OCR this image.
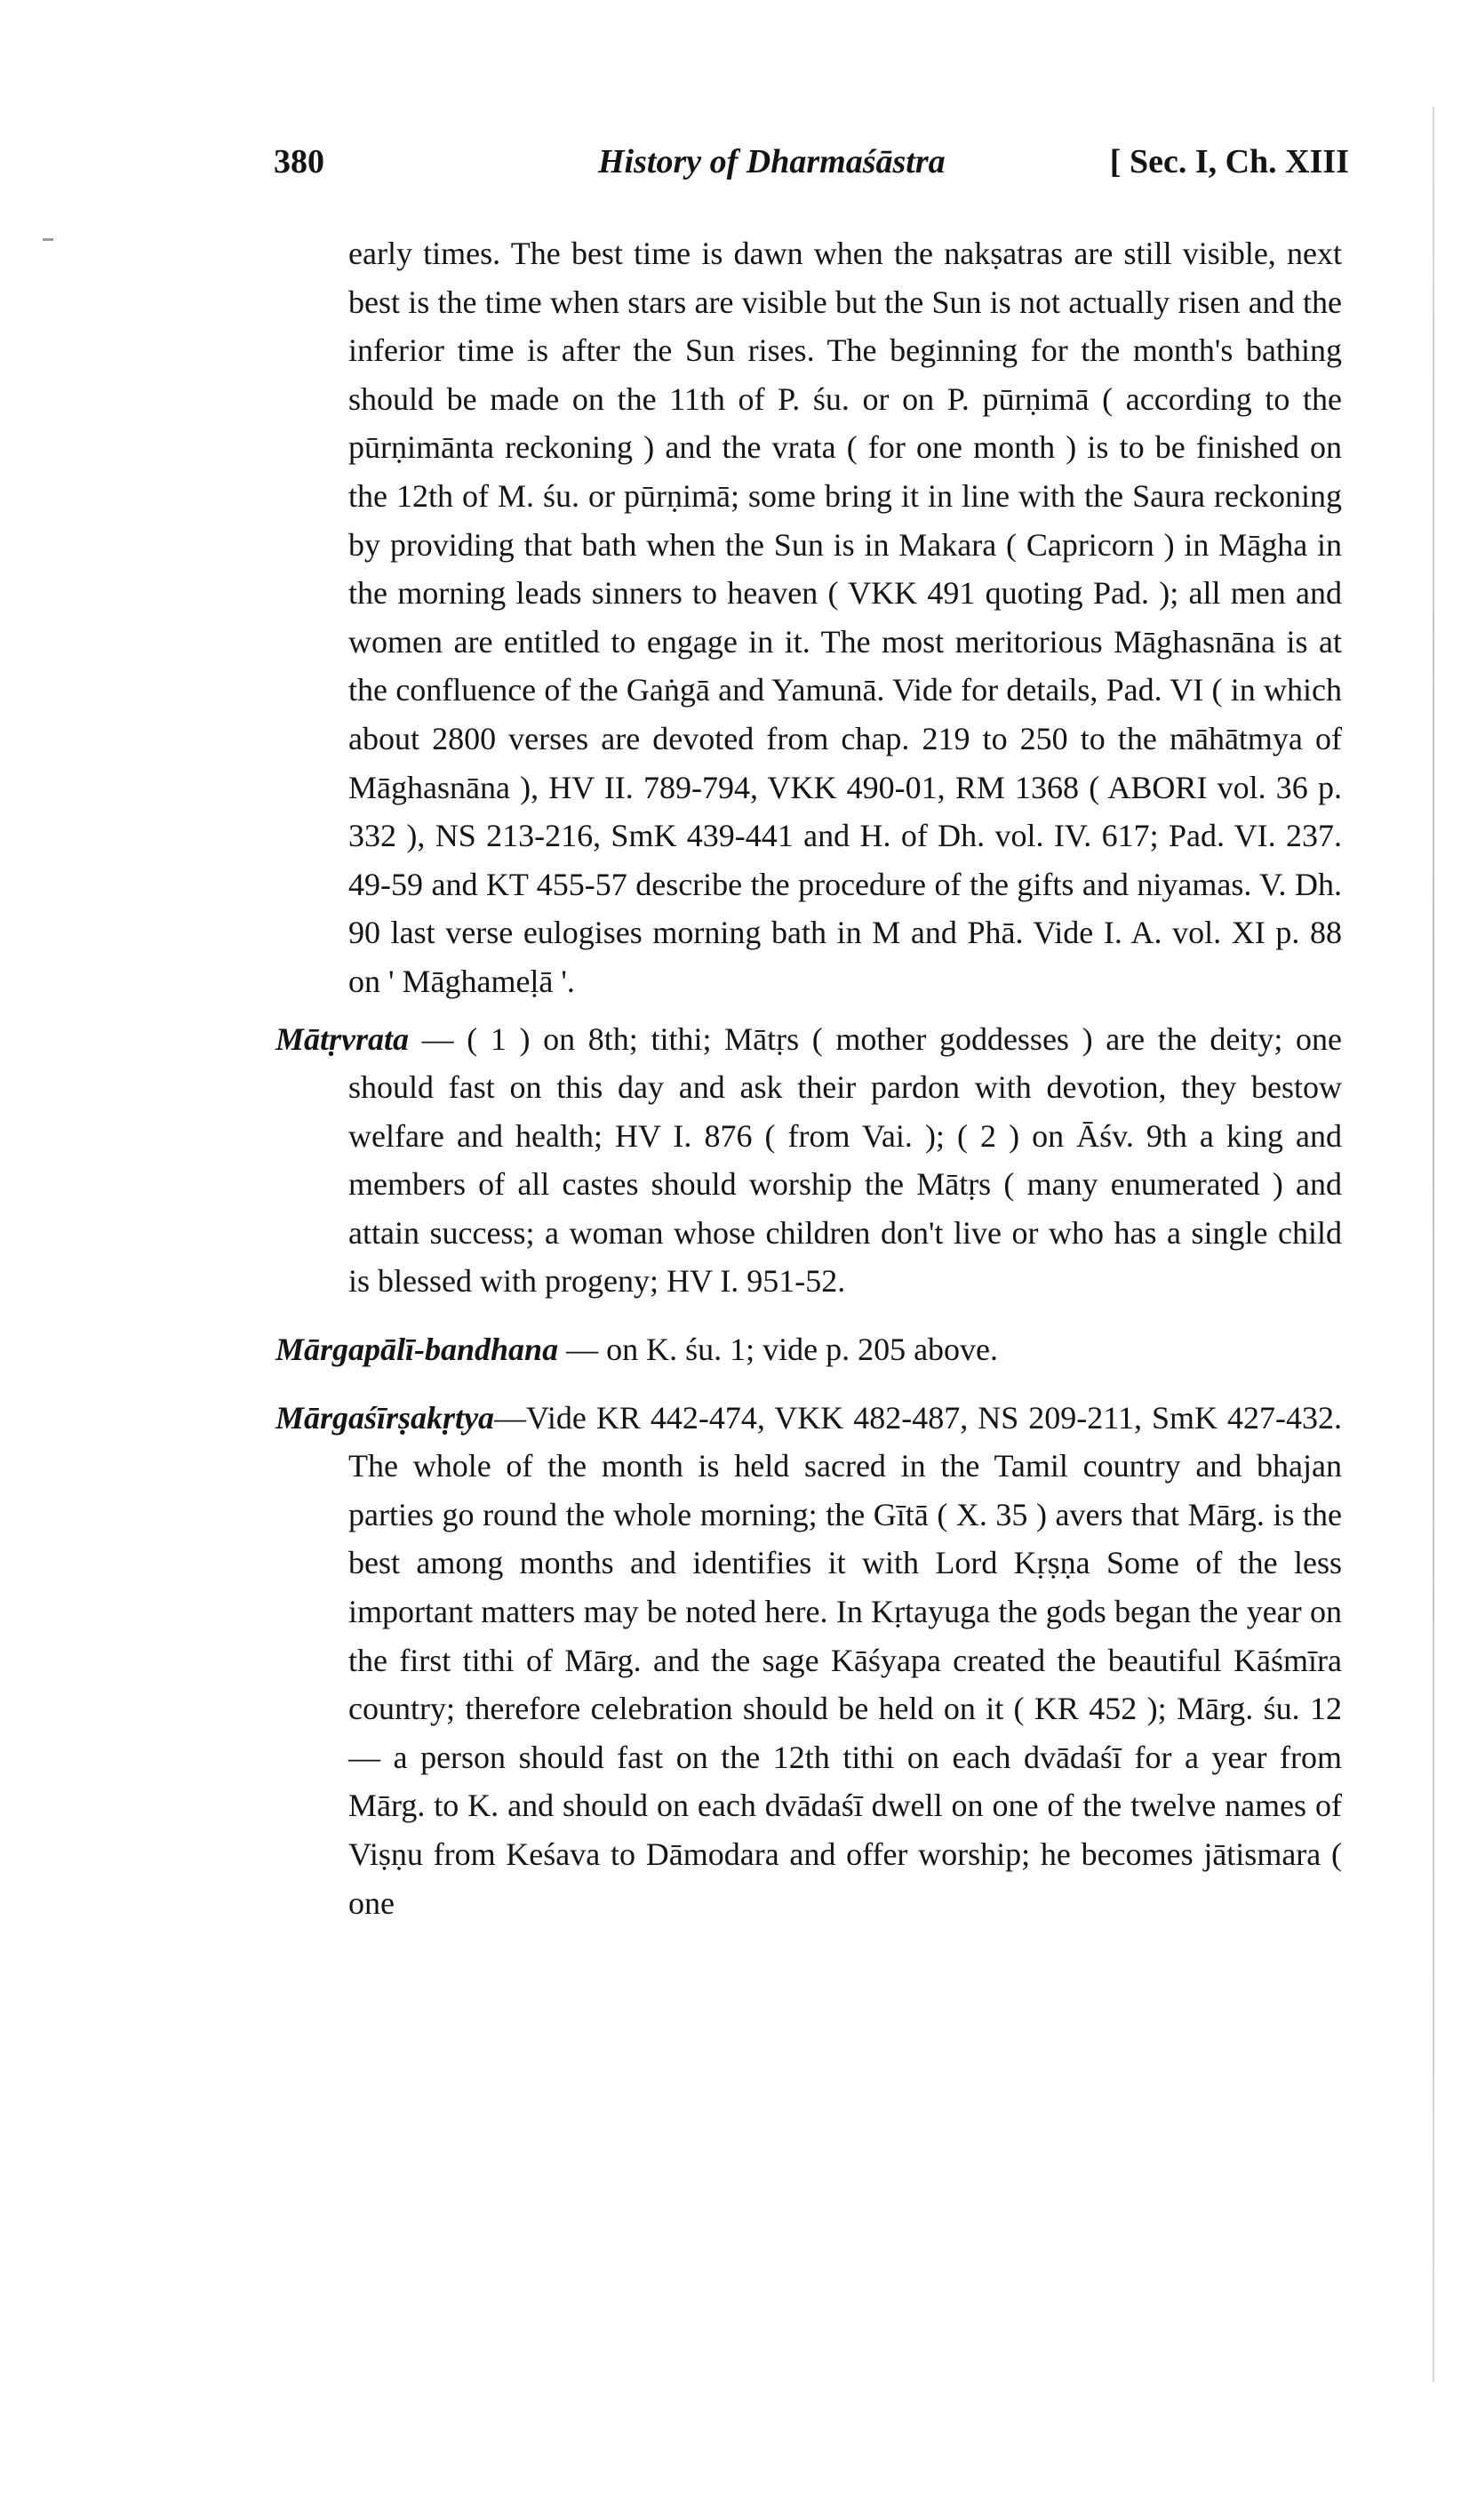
380	History of Dharmaśāstra	[ Sec. I, Ch. XIII

early times. The best time is dawn when the nakṣatras are still visible, next best is the time when stars are visible but the Sun is not actually risen and the inferior time is after the Sun rises. The beginning for the month's bathing should be made on the 11th of P. śu. or on P. pūrṇimā ( according to the pūrṇimānta reckoning ) and the vrata ( for one month ) is to be finished on the 12th of M. śu. or pūrṇimā; some bring it in line with the Saura reckoning by providing that bath when the Sun is in Makara ( Capricorn ) in Māgha in the morning leads sinners to heaven ( VKK 491 quoting Pad. ); all men and women are entitled to engage in it. The most meritorious Māghasnāna is at the confluence of the Gaṅgā and Yamunā. Vide for details, Pad. VI ( in which about 2800 verses are devoted from chap. 219 to 250 to the māhātmya of Māghasnāna ), HV II. 789-794, VKK 490-01, RM 1368 ( ABORI vol. 36 p. 332 ), NS 213-216, SmK 439-441 and H. of Dh. vol. IV. 617; Pad. VI. 237. 49-59 and KT 455-57 describe the procedure of the gifts and niyamas. V. Dh. 90 last verse eulogises morning bath in M and Phā. Vide I. A. vol. XI p. 88 on ' Māghameḷā '.

Mātṛvrata — ( 1 ) on 8th; tithi; Mātṛs ( mother goddesses ) are the deity; one should fast on this day and ask their pardon with devotion, they bestow welfare and health; HV I. 876 ( from Vai. ); ( 2 ) on Āśv. 9th a king and members of all castes should worship the Mātṛs ( many enumerated ) and attain success; a woman whose children don't live or who has a single child is blessed with progeny; HV I. 951-52.

Mārgapālī-bandhana — on K. śu. 1; vide p. 205 above.

Mārgaśīrṣakṛtya—Vide KR 442-474, VKK 482-487, NS 209-211, SmK 427-432. The whole of the month is held sacred in the Tamil country and bhajan parties go round the whole morning; the Gītā ( X. 35 ) avers that Mārg. is the best among months and identifies it with Lord Kṛṣṇa Some of the less important matters may be noted here. In Kṛtayuga the gods began the year on the first tithi of Mārg. and the sage Kāśyapa created the beautiful Kāśmīra country; therefore celebration should be held on it ( KR 452 ); Mārg. śu. 12 — a person should fast on the 12th tithi on each dvādaśī for a year from Mārg. to K. and should on each dvādaśī dwell on one of the twelve names of Viṣṇu from Keśava to Dāmodara and offer worship; he becomes jātismara ( one
